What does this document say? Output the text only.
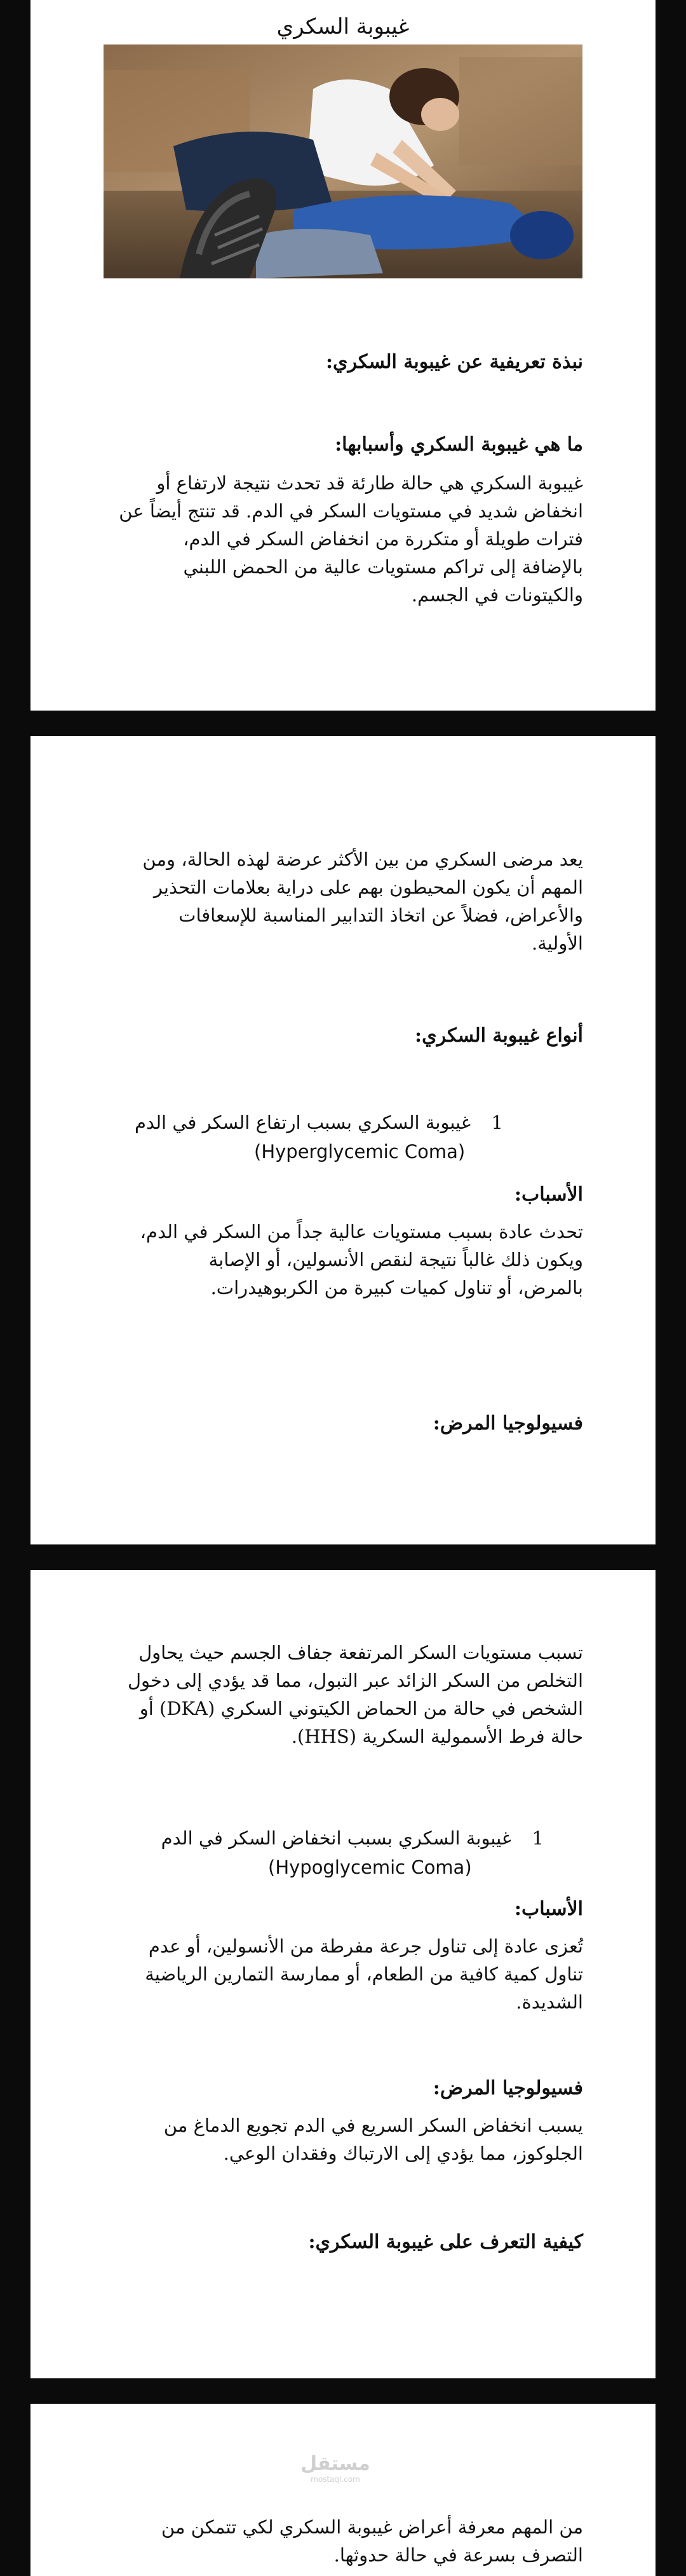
غيبوبة السكري
نبذة تعريفية عن غيبوبة السكري:
ما هي غيبوبة السكري وأسبابها:
غيبوبة السكري هي حالة طارئة قد تحدث نتيجة لارتفاع أو
انخفاض شديد في مستويات السكر في الدم. قد تنتج أيضاً عن
فترات طويلة أو متكررة من انخفاض السكر في الدم،
بالإضافة إلى تراكم مستويات عالية من الحمض اللبني
والكيتونات في الجسم.
يعد مرضى السكري من بين الأكثر عرضة لهذه الحالة، ومن
المهم أن يكون المحيطون بهم على دراية بعلامات التحذير
والأعراض، فضلاً عن اتخاذ التدابير المناسبة للإسعافات
الأولية.
أنواع غيبوبة السكري:
1  غيبوبة السكري بسبب ارتفاع السكر في الدم
(Hyperglycemic Coma)
الأسباب:
تحدث عادة بسبب مستويات عالية جداً من السكر في الدم،
ويكون ذلك غالباً نتيجة لنقص الأنسولين، أو الإصابة
بالمرض، أو تناول كميات كبيرة من الكربوهيدرات.
فسيولوجيا المرض:
تسبب مستويات السكر المرتفعة جفاف الجسم حيث يحاول
التخلص من السكر الزائد عبر التبول، مما قد يؤدي إلى دخول
الشخص في حالة من الحماض الكيتوني السكري (DKA) أو
حالة فرط الأسمولية السكرية (HHS).
1  غيبوبة السكري بسبب انخفاض السكر في الدم
(Hypoglycemic Coma)
الأسباب:
تُعزى عادة إلى تناول جرعة مفرطة من الأنسولين، أو عدم
تناول كمية كافية من الطعام، أو ممارسة التمارين الرياضية
الشديدة.
فسيولوجيا المرض:
يسبب انخفاض السكر السريع في الدم تجويع الدماغ من
الجلوكوز، مما يؤدي إلى الارتباك وفقدان الوعي.
كيفية التعرف على غيبوبة السكري:
مستقل
mostaql.com
من المهم معرفة أعراض غيبوبة السكري لكي تتمكن من
التصرف بسرعة في حالة حدوثها.
